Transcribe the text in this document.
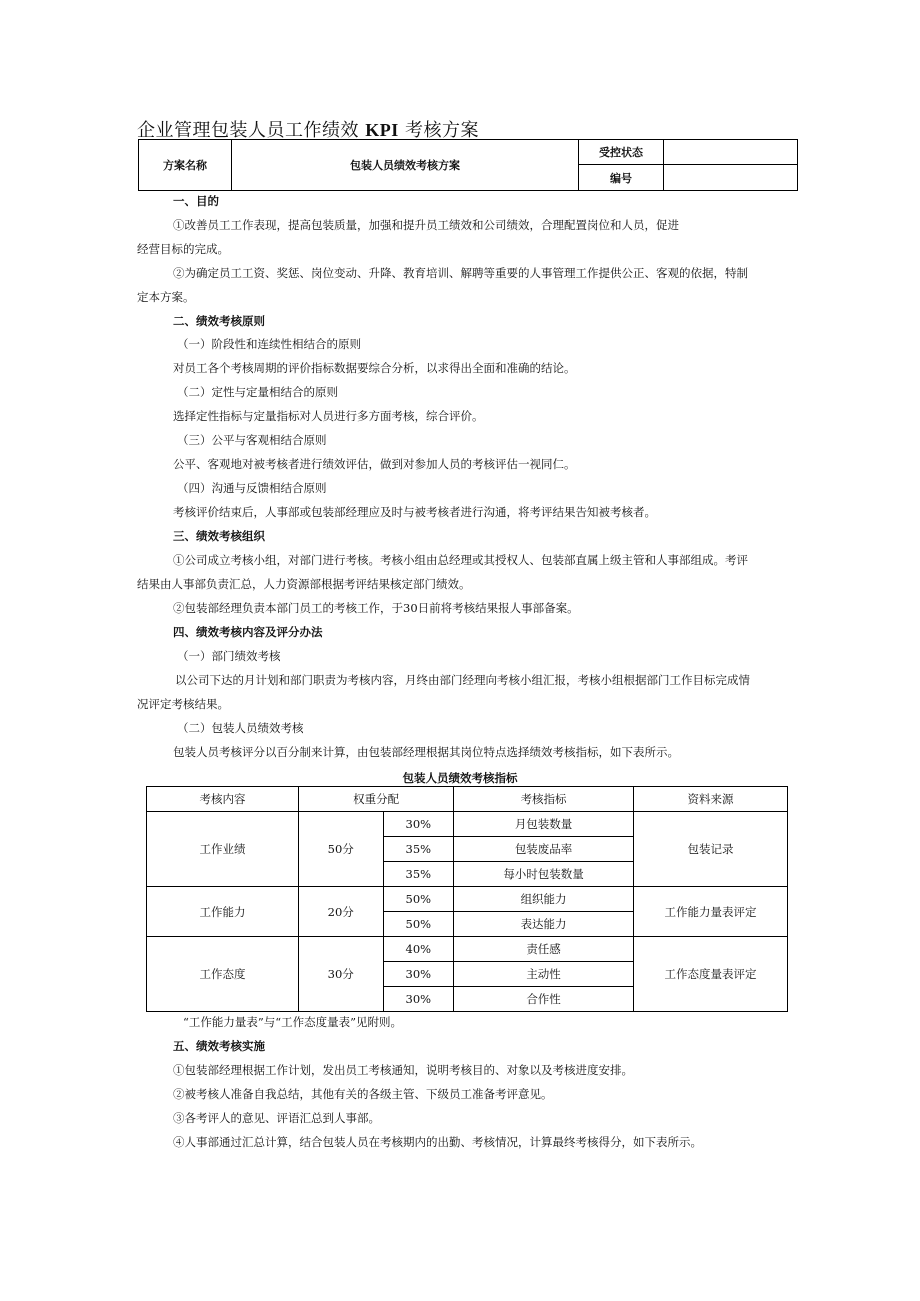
企业管理包装人员工作绩效 KPI 考核方案
方案名称	包装人员绩效考核方案	受控状态	
		编号	
一、目的
①改善员工工作表现，提高包装质量，加强和提升员工绩效和公司绩效，合理配置岗位和人员，促进
经营目标的完成。
②为确定员工工资、奖惩、岗位变动、升降、教育培训、解聘等重要的人事管理工作提供公正、客观的依据，特制
定本方案。
二、绩效考核原则
（一）阶段性和连续性相结合的原则
对员工各个考核周期的评价指标数据要综合分析，以求得出全面和准确的结论。
（二）定性与定量相结合的原则
选择定性指标与定量指标对人员进行多方面考核，综合评价。
（三）公平与客观相结合原则
公平、客观地对被考核者进行绩效评估，做到对参加人员的考核评估一视同仁。
（四）沟通与反馈相结合原则
考核评价结束后，人事部或包装部经理应及时与被考核者进行沟通，将考评结果告知被考核者。
三、绩效考核组织
①公司成立考核小组，对部门进行考核。考核小组由总经理或其授权人、包装部直属上级主管和人事部组成。考评
结果由人事部负责汇总，人力资源部根据考评结果核定部门绩效。
②包装部经理负责本部门员工的考核工作，于30日前将考核结果报人事部备案。
四、绩效考核内容及评分办法
（一）部门绩效考核
以公司下达的月计划和部门职责为考核内容，月终由部门经理向考核小组汇报，考核小组根据部门工作目标完成情
况评定考核结果。
（二）包装人员绩效考核
包装人员考核评分以百分制来计算，由包装部经理根据其岗位特点选择绩效考核指标，如下表所示。
包装人员绩效考核指标
考核内容	权重分配		考核指标	资料来源
工作业绩	50分	30%	月包装数量	包装记录
		35%	包装废品率	
		35%	每小时包装数量	
工作能力	20分	50%	组织能力	工作能力量表评定
		50%	表达能力	
工作态度	30分	40%	责任感	工作态度量表评定
		30%	主动性	
		30%	合作性	
“工作能力量表”与“工作态度量表”见附则。
五、绩效考核实施
①包装部经理根据工作计划，发出员工考核通知，说明考核目的、对象以及考核进度安排。
②被考核人准备自我总结，其他有关的各级主管、下级员工准备考评意见。
③各考评人的意见、评语汇总到人事部。
④人事部通过汇总计算，结合包装人员在考核期内的出勤、考核情况，计算最终考核得分，如下表所示。
